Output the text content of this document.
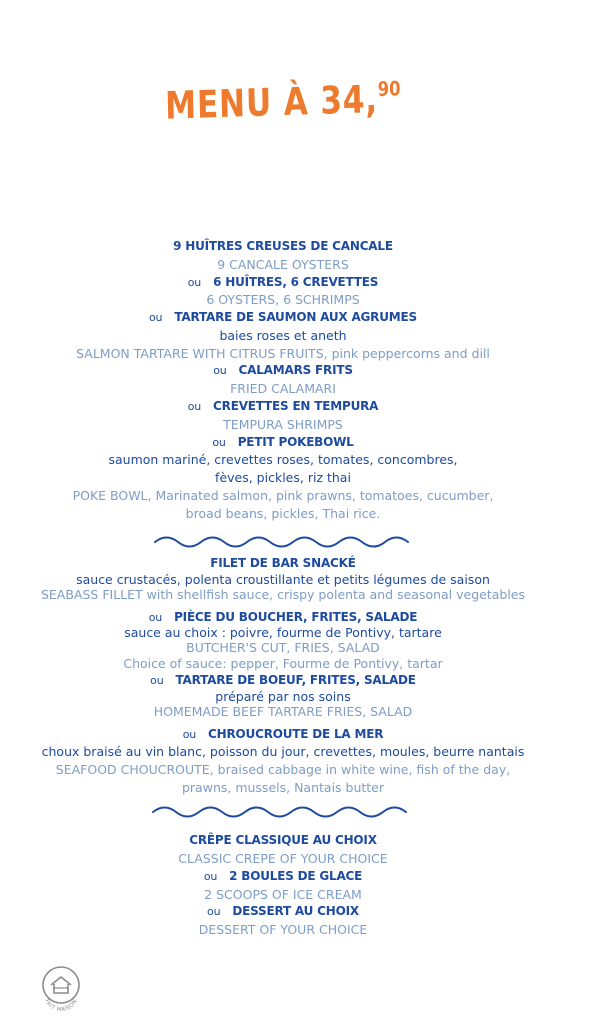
MENU À 34,90
9 HUÎTRES CREUSES DE CANCALE
9 CANCALE OYSTERS
ou 6 HUÎTRES, 6 CREVETTES
6 OYSTERS, 6 SCHRIMPS
ou TARTARE DE SAUMON AUX AGRUMES
baies roses et aneth
SALMON TARTARE WITH CITRUS FRUITS, pink peppercorns and dill
ou CALAMARS FRITS
FRIED CALAMARI
ou CREVETTES EN TEMPURA
TEMPURA SHRIMPS
ou PETIT POKEBOWL
saumon mariné, crevettes roses, tomates, concombres,
fèves, pickles, riz thai
POKE BOWL, Marinated salmon, pink prawns, tomatoes, cucumber,
broad beans, pickles, Thai rice.
FILET DE BAR SNACKÉ
sauce crustacés, polenta croustillante et petits légumes de saison
SEABASS FILLET with shellfish sauce, crispy polenta and seasonal vegetables
ou PIÈCE DU BOUCHER, FRITES, SALADE
sauce au choix : poivre, fourme de Pontivy, tartare
BUTCHER'S CUT, FRIES, SALAD
Choice of sauce: pepper, Fourme de Pontivy, tartar
ou TARTARE DE BOEUF, FRITES, SALADE
préparé par nos soins
HOMEMADE BEEF TARTARE FRIES, SALAD
ou CHROUCROUTE DE LA MER
choux braisé au vin blanc, poisson du jour, crevettes, moules, beurre nantais
SEAFOOD CHOUCROUTE, braised cabbage in white wine, fish of the day,
prawns, mussels, Nantais butter
CRÊPE CLASSIQUE AU CHOIX
CLASSIC CREPE OF YOUR CHOICE
ou 2 BOULES DE GLACE
2 SCOOPS OF ICE CREAM
ou DESSERT AU CHOIX
DESSERT OF YOUR CHOICE
FAIT MAISON
